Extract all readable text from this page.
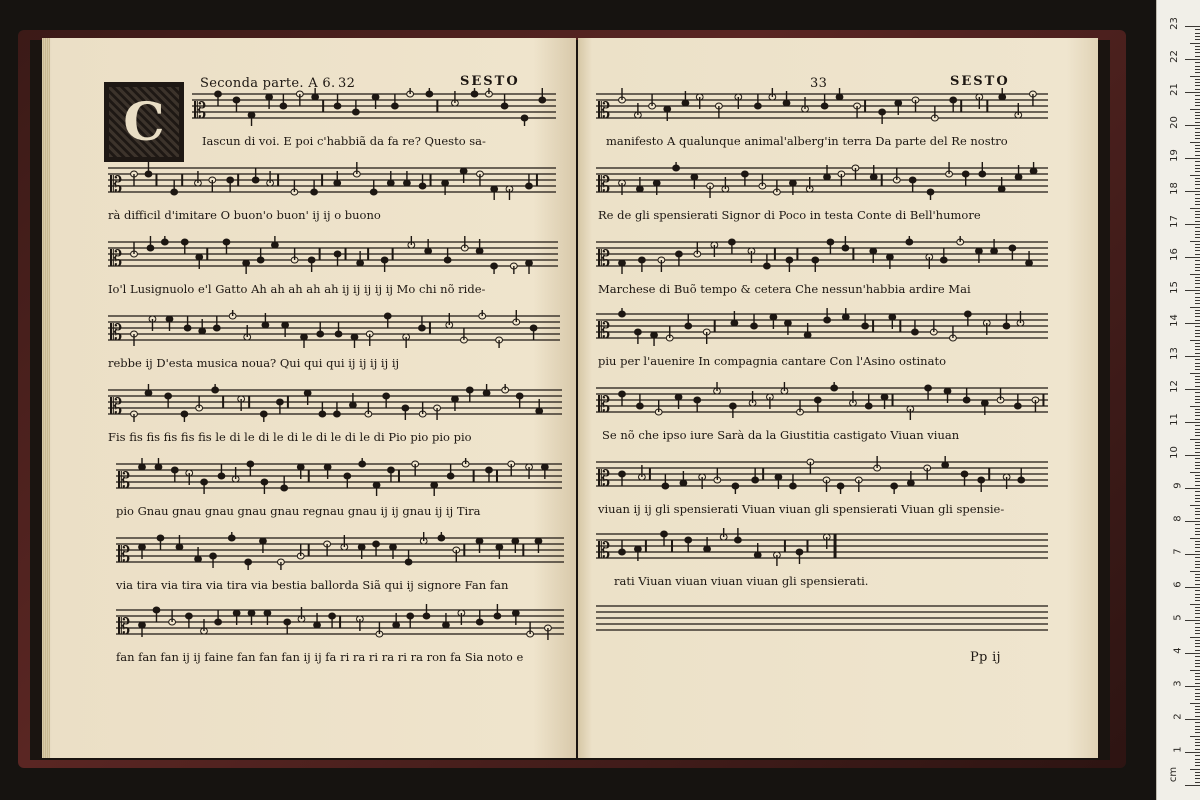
C
Seconda parte. A 6. 32	SESTO
𝄡
Iascun di voi. E poi c'habbiã da fa re? Questo sa-
𝄡
rà difficil d'imitare O buon'o buon' ij ij o buono
𝄡
Io'l Lusignuolo e'l Gatto Ah ah ah ah ah ij ij ij ij ij Mo chi nõ ride-
𝄡
rebbe ij D'esta musica noua? Qui qui qui ij ij ij ij ij
𝄡
Fis fis fis fis fis fis le di le di le di le di le di le di Pio pio pio pio
𝄡
pio Gnau gnau gnau gnau gnau regnau gnau ij ij gnau ij ij Tira
𝄡
via tira via tira via tira via bestia ballorda Siã qui ij signore Fan fan
𝄡
fan fan fan ij ij faine fan fan fan ij ij fa ri ra ri ra ri ra ron fa Sia noto e
33	SESTO
𝄡
manifesto A qualunque animal'alberg'in terra Da parte del Re nostro
𝄡
Re de gli spensierati Signor di Poco in testa Conte di Bell'humore
𝄡
Marchese di Buõ tempo & cetera Che nessun'habbia ardire Mai
𝄡
piu per l'auenire In compagnia cantare Con l'Asino ostinato
𝄡
Se nõ che ipso iure Sarà da la Giustitia castigato Viuan viuan
𝄡
viuan ij ij gli spensierati Viuan viuan gli spensierati Viuan gli spensie-
𝄡
rati Viuan viuan viuan viuan gli spensierati.
Pp ij
cm
1
2
3
4
5
6
7
8
9
10
11
12
13
14
15
16
17
18
19
20
21
22
23
